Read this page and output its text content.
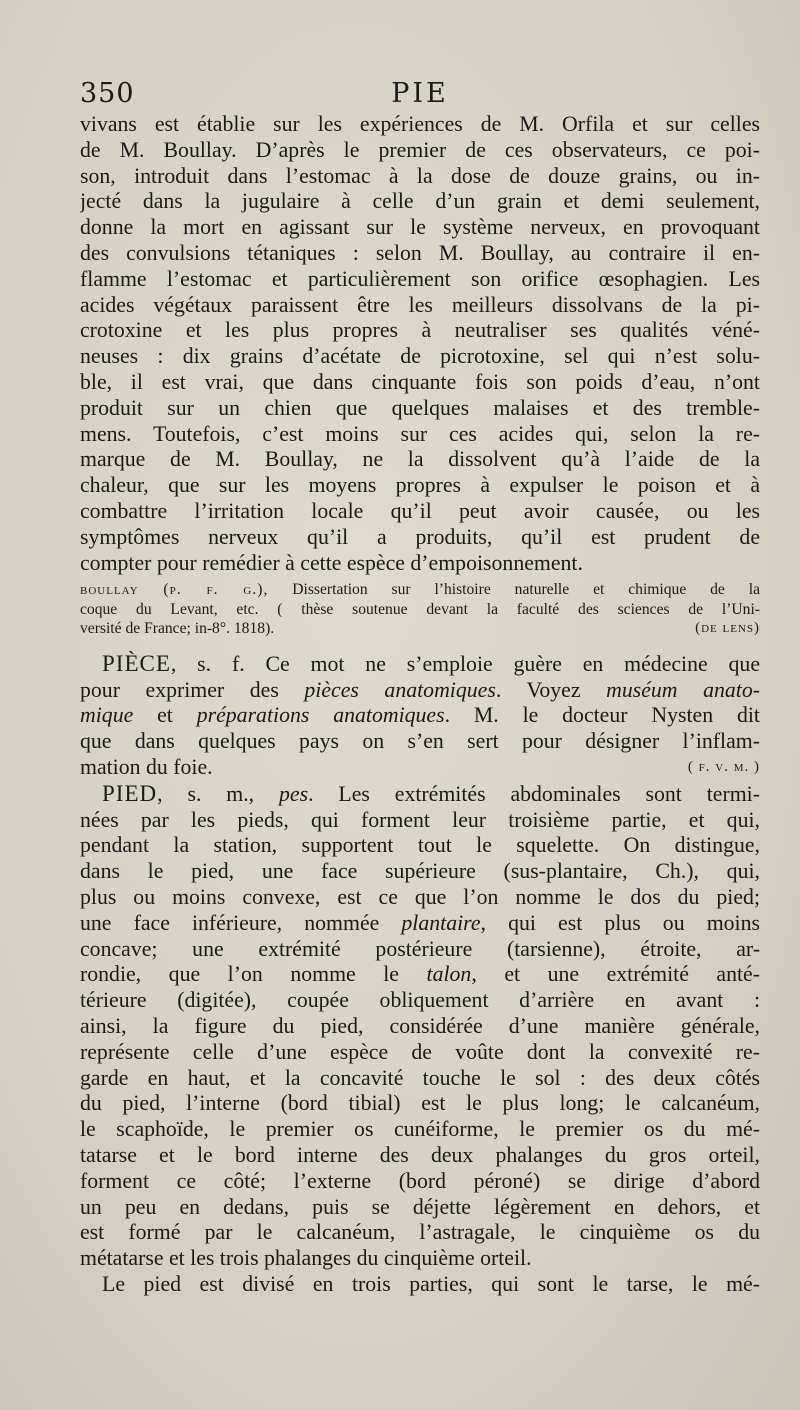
350	PIE
vivans est établie sur les expériences de M. Orfila et sur celles
de M. Boullay. D’après le premier de ces observateurs, ce poi-
son, introduit dans l’estomac à la dose de douze grains, ou in-
jecté dans la jugulaire à celle d’un grain et demi seulement,
donne la mort en agissant sur le système nerveux, en provoquant
des convulsions tétaniques : selon M. Boullay, au contraire il en-
flamme l’estomac et particulièrement son orifice œsophagien. Les
acides végétaux paraissent être les meilleurs dissolvans de la pi-
crotoxine et les plus propres à neutraliser ses qualités véné-
neuses : dix grains d’acétate de picrotoxine, sel qui n’est solu-
ble, il est vrai, que dans cinquante fois son poids d’eau, n’ont
produit sur un chien que quelques malaises et des tremble-
mens. Toutefois, c’est moins sur ces acides qui, selon la re-
marque de M. Boullay, ne la dissolvent qu’à l’aide de la
chaleur, que sur les moyens propres à expulser le poison et à
combattre l’irritation locale qu’il peut avoir causée, ou les
symptômes nerveux qu’il a produits, qu’il est prudent de
compter pour remédier à cette espèce d’empoisonnement.
boullay (p. f. g.), Dissertation sur l’histoire naturelle et chimique de la
coque du Levant, etc. ( thèse soutenue devant la faculté des sciences de l’Uni-
versité de France; in-8°. 1818).	(de lens)
PIÈCE, s. f. Ce mot ne s’emploie guère en médecine que
pour exprimer des pièces anatomiques. Voyez muséum anato-
mique et préparations anatomiques. M. le docteur Nysten dit
que dans quelques pays on s’en sert pour désigner l’inflam-
mation du foie.	( f. v. m. )
PIED, s. m., pes. Les extrémités abdominales sont termi-
nées par les pieds, qui forment leur troisième partie, et qui,
pendant la station, supportent tout le squelette. On distingue,
dans le pied, une face supérieure (sus-plantaire, Ch.), qui,
plus ou moins convexe, est ce que l’on nomme le dos du pied;
une face inférieure, nommée plantaire, qui est plus ou moins
concave; une extrémité postérieure (tarsienne), étroite, ar-
rondie, que l’on nomme le talon, et une extrémité anté-
térieure (digitée), coupée obliquement d’arrière en avant :
ainsi, la figure du pied, considérée d’une manière générale,
représente celle d’une espèce de voûte dont la convexité re-
garde en haut, et la concavité touche le sol : des deux côtés
du pied, l’interne (bord tibial) est le plus long; le calcanéum,
le scaphoïde, le premier os cunéiforme, le premier os du mé-
tatarse et le bord interne des deux phalanges du gros orteil,
forment ce côté; l’externe (bord péroné) se dirige d’abord
un peu en dedans, puis se déjette légèrement en dehors, et
est formé par le calcanéum, l’astragale, le cinquième os du
métatarse et les trois phalanges du cinquième orteil.
Le pied est divisé en trois parties, qui sont le tarse, le mé-
